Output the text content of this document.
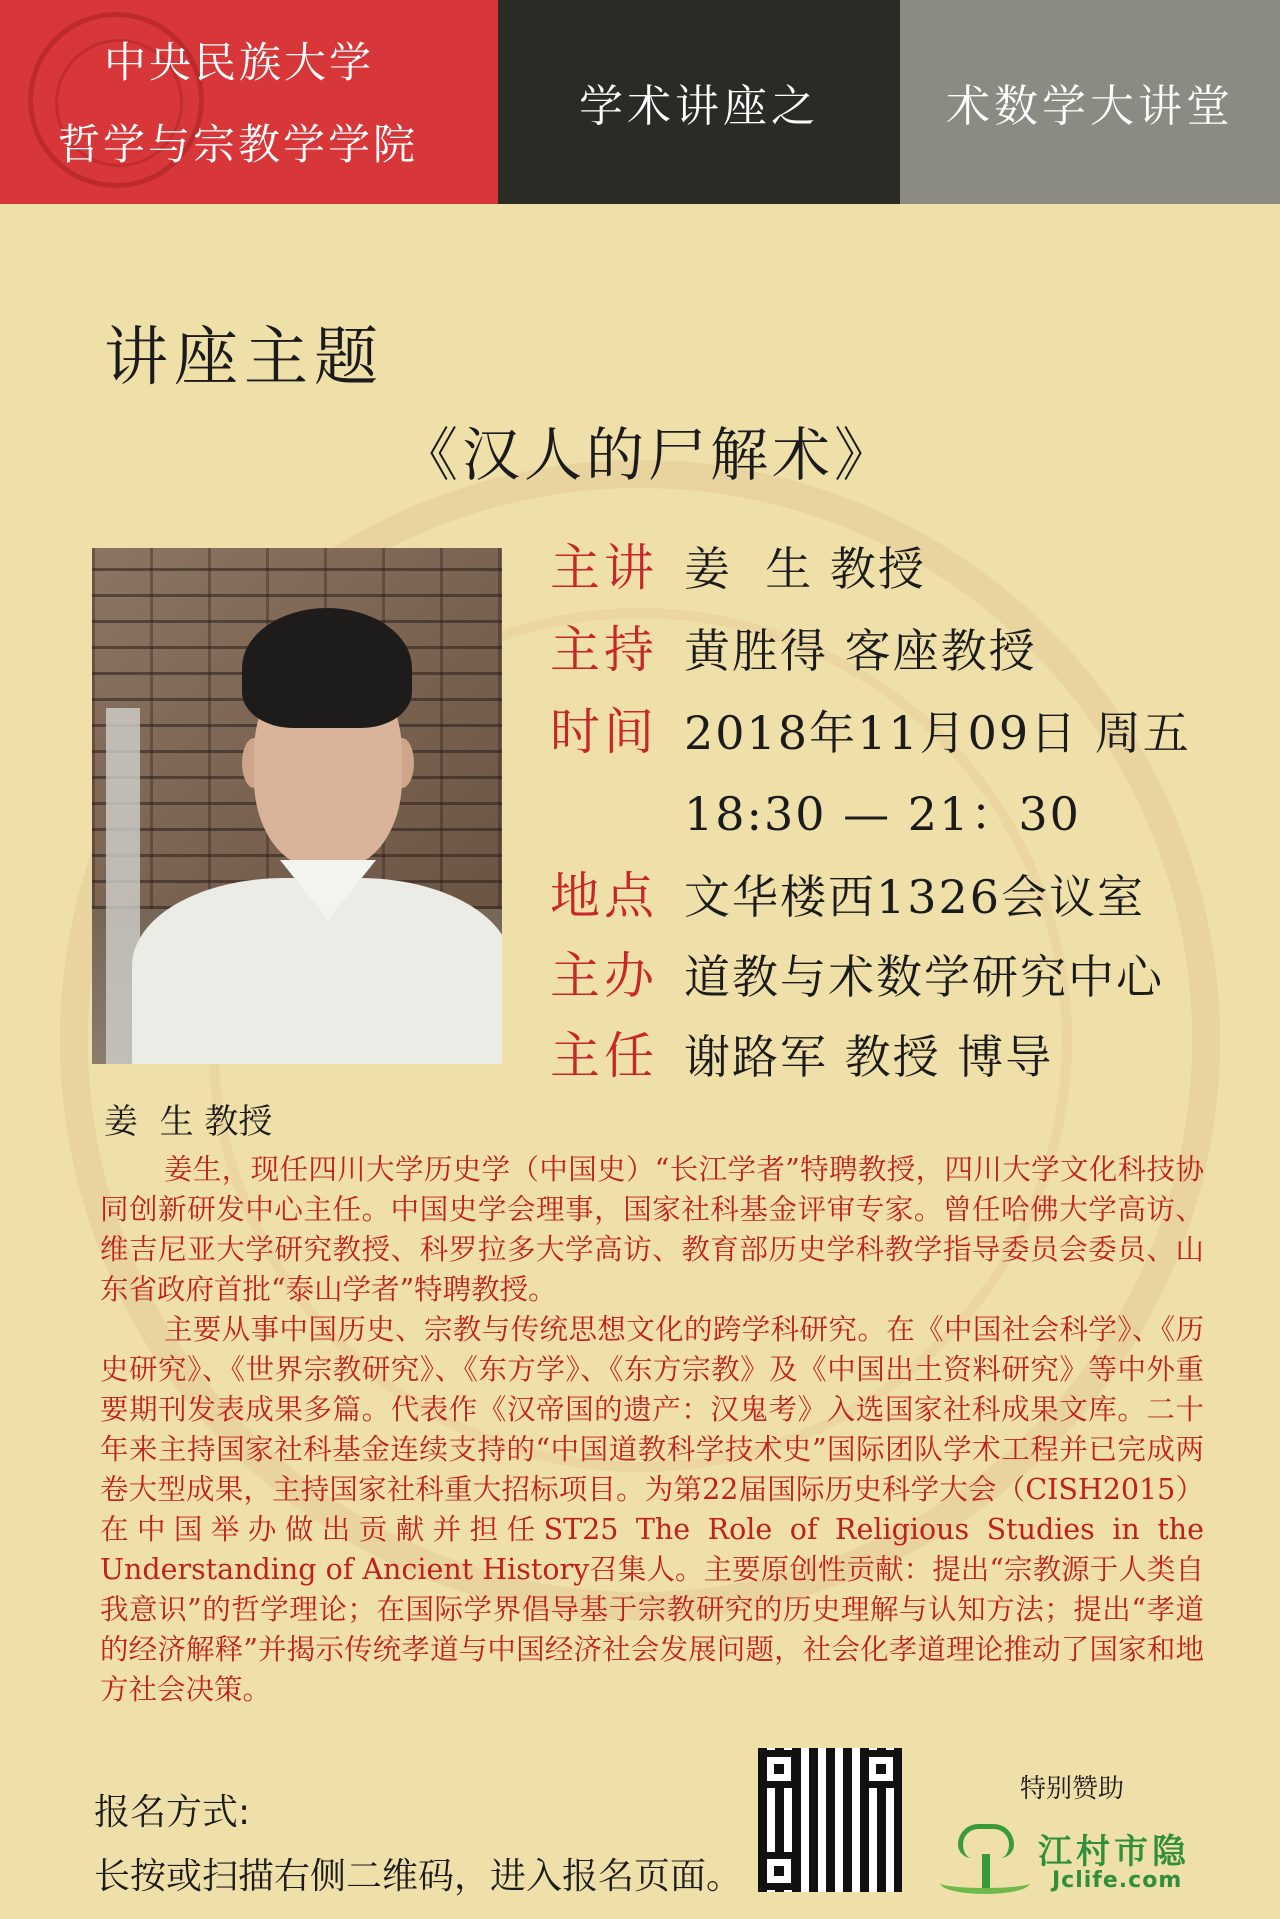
中央民族大学
哲学与宗教学学院
学术讲座之	术数学大讲堂
讲座主题
《汉人的尸解术》
主讲 姜  生 教授
主持 黄胜得 客座教授
时间 2018年11月09日 周五
18:30 — 21：30
地点 文华楼西1326会议室
主办 道教与术数学研究中心
主任 谢路军 教授 博导
姜  生 教授

姜生，现任四川大学历史学（中国史）“长江学者”特聘教授，四川大学文化科技协同创新研发中心主任。中国史学会理事，国家社科基金评审专家。曾任哈佛大学高访、维吉尼亚大学研究教授、科罗拉多大学高访、教育部历史学科教学指导委员会委员、山东省政府首批“泰山学者”特聘教授。

主要从事中国历史、宗教与传统思想文化的跨学科研究。在《中国社会科学》、《历史研究》、《世界宗教研究》、《东方学》、《东方宗教》及《中国出土资料研究》等中外重要期刊发表成果多篇。代表作《汉帝国的遗产：汉鬼考》入选国家社科成果文库。二十年来主持国家社科基金连续支持的“中国道教科学技术史”国际团队学术工程并已完成两卷大型成果，主持国家社科重大招标项目。为第22届国际历史科学大会（CISH2015）在中国举办做出贡献并担任ST25 The Role of Religious Studies in the Understanding of Ancient History召集人。主要原创性贡献：提出“宗教源于人类自我意识”的哲学理论；在国际学界倡导基于宗教研究的历史理解与认知方法；提出“孝道的经济解释”并揭示传统孝道与中国经济社会发展问题，社会化孝道理论推动了国家和地方社会决策。

报名方式:
长按或扫描右侧二维码，进入报名页面。
特别赞助
江村市隐
Jclife.com
